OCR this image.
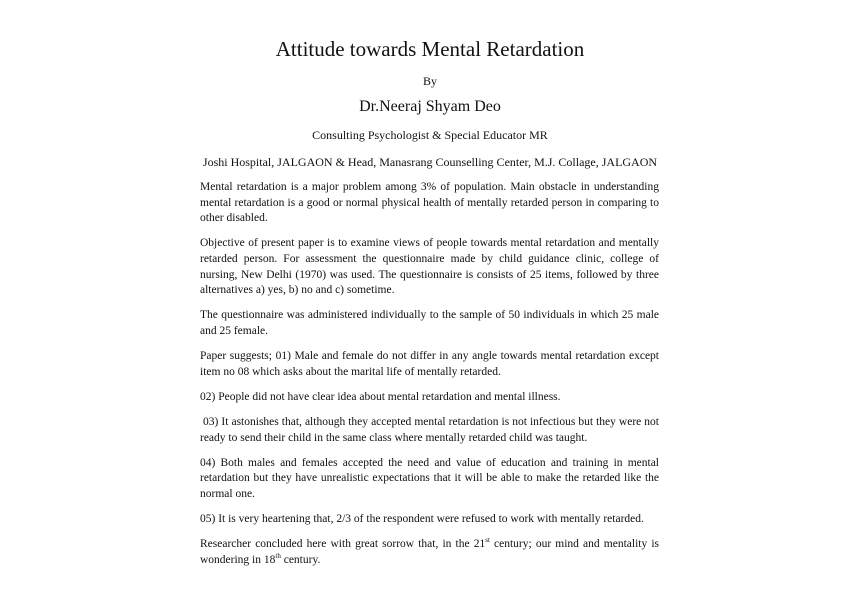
Attitude towards Mental Retardation
By
Dr.Neeraj Shyam Deo
Consulting Psychologist & Special Educator MR
Joshi Hospital, JALGAON & Head, Manasrang Counselling Center, M.J. Collage, JALGAON

Mental retardation is a major problem among 3% of population. Main obstacle in understanding mental retardation is a good or normal physical health of mentally retarded person in comparing to other disabled.

Objective of present paper is to examine views of people towards mental retardation and mentally retarded person. For assessment the questionnaire made by child guidance clinic, college of nursing, New Delhi (1970) was used. The questionnaire is consists of 25 items, followed by three alternatives a) yes, b) no and c) sometime.

The questionnaire was administered individually to the sample of 50 individuals in which 25 male and 25 female.

Paper suggests; 01) Male and female do not differ in any angle towards mental retardation except item no 08 which asks about the marital life of mentally retarded.

02) People did not have clear idea about mental retardation and mental illness.

03) It astonishes that, although they accepted mental retardation is not infectious but they were not ready to send their child in the same class where mentally retarded child was taught.

04) Both males and females accepted the need and value of education and training in mental retardation but they have unrealistic expectations that it will be able to make the retarded like the normal one.

05) It is very heartening that, 2/3 of the respondent were refused to work with mentally retarded.

Researcher concluded here with great sorrow that, in the 21st century; our mind and mentality is wondering in 18th century.
